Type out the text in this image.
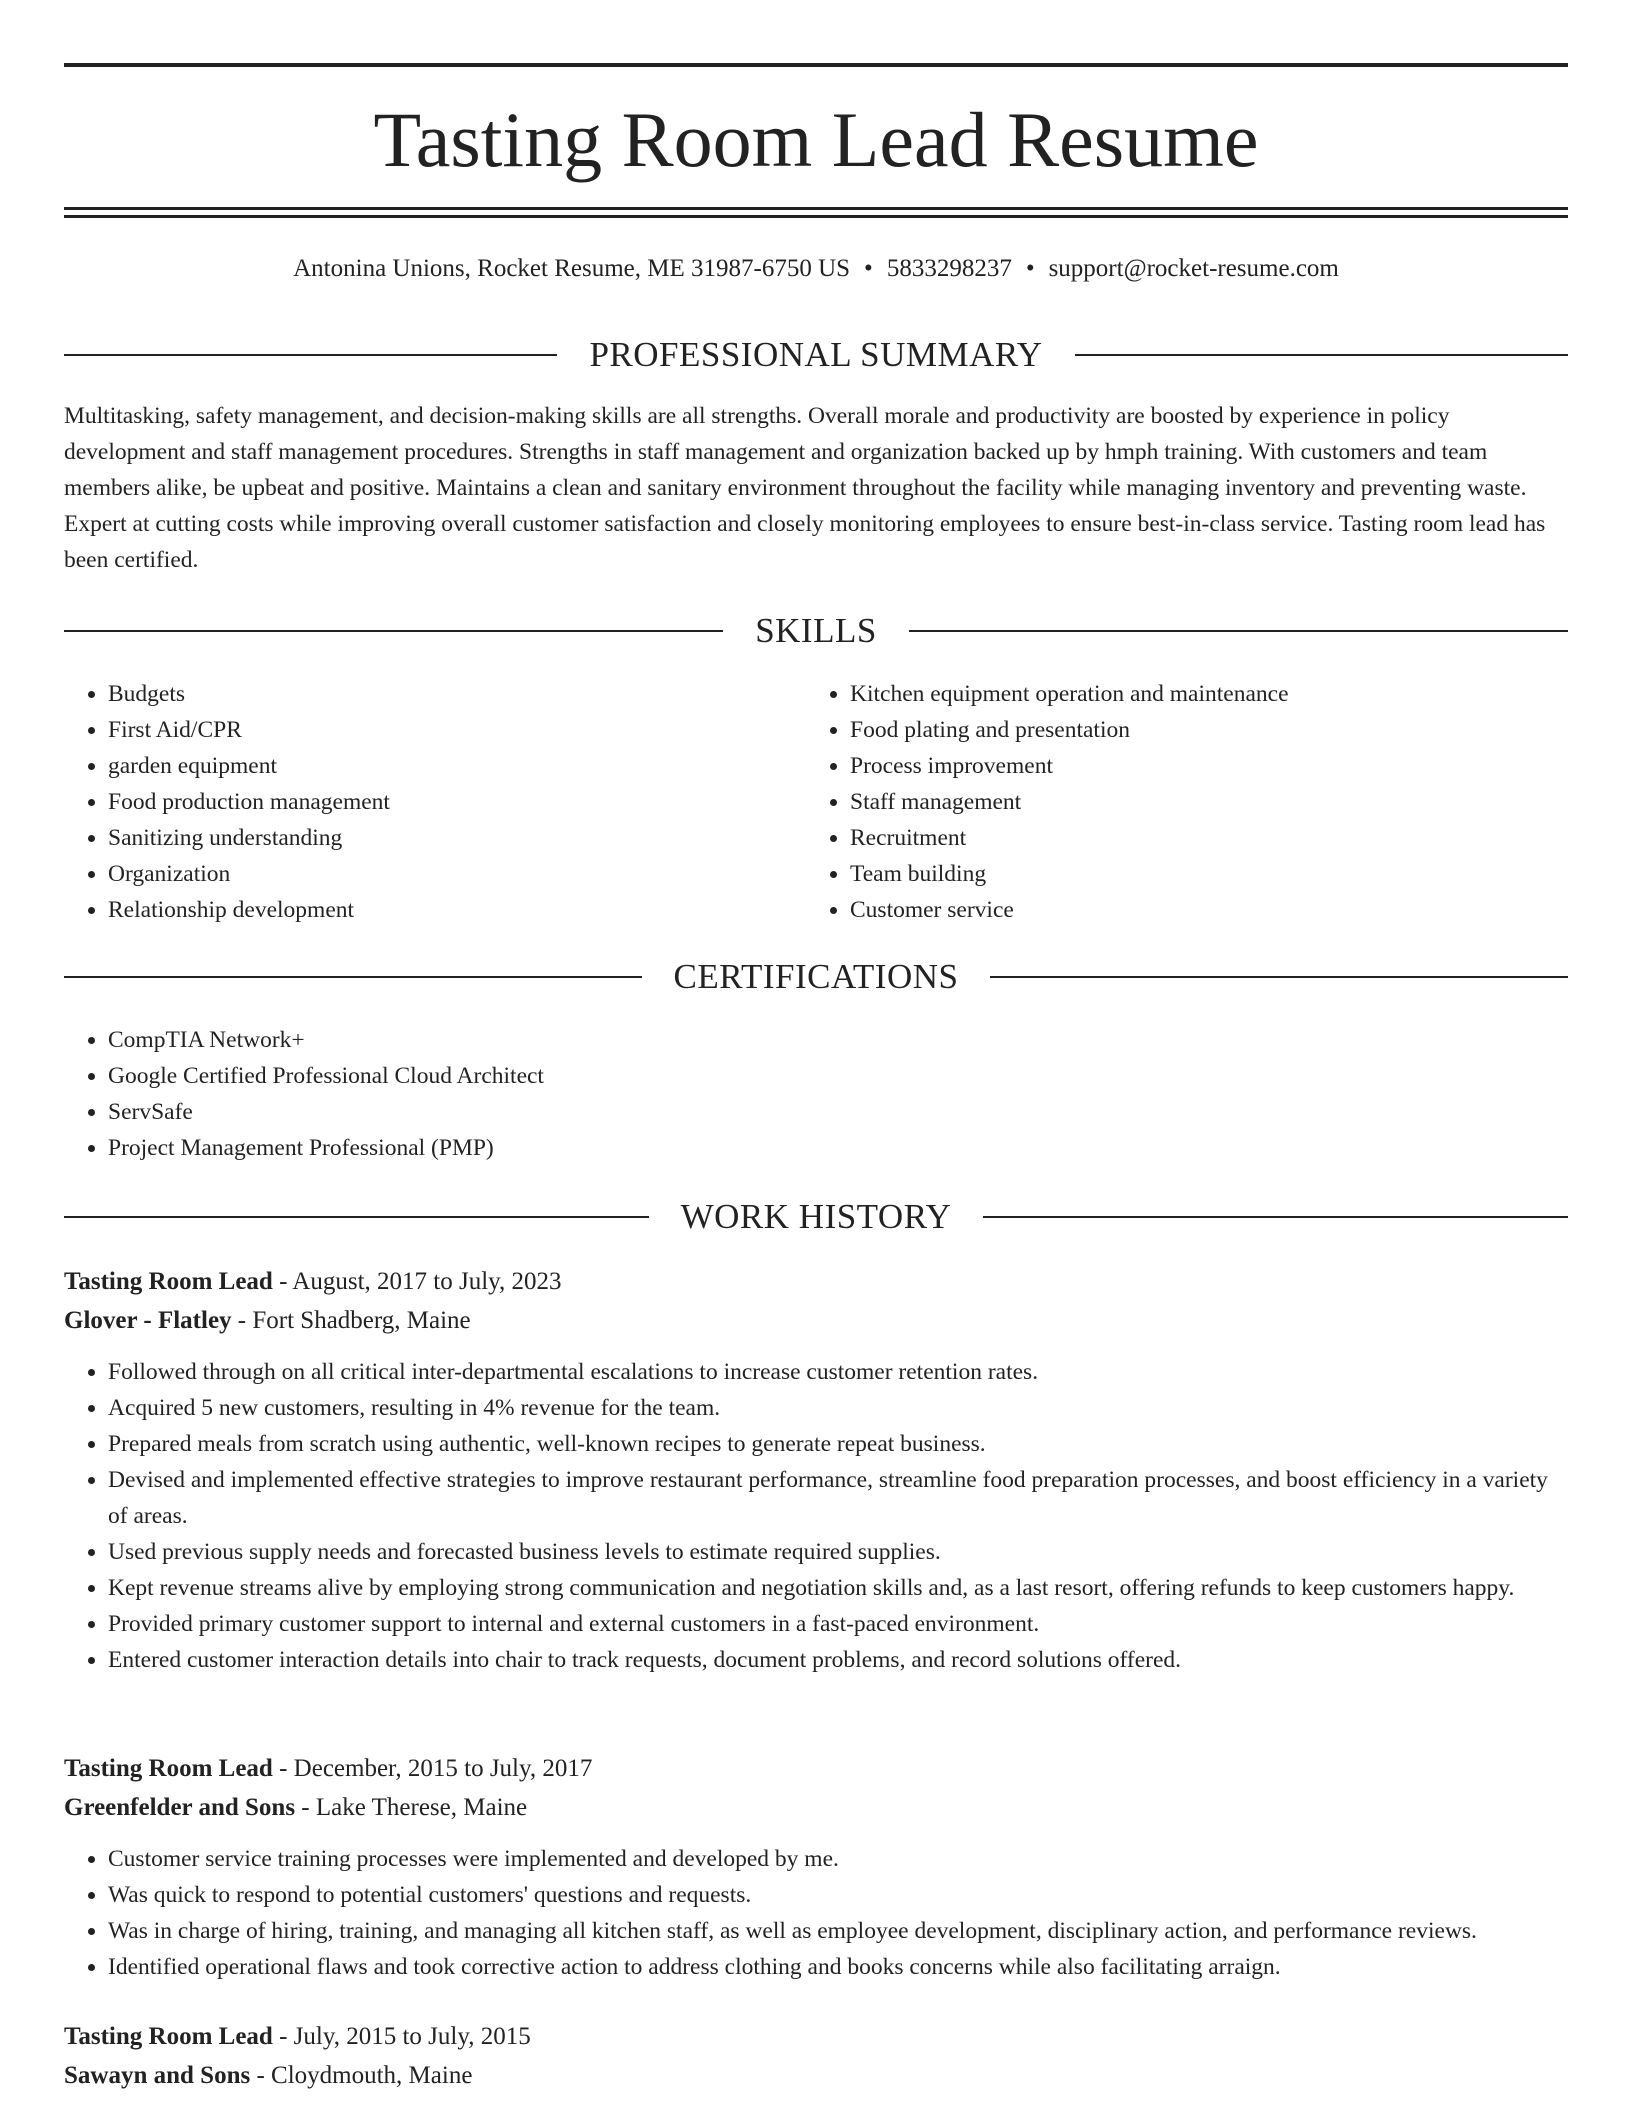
Tasting Room Lead Resume
Antonina Unions, Rocket Resume, ME 31987-6750 US • 5833298237 • support@rocket-resume.com
PROFESSIONAL SUMMARY

Multitasking, safety management, and decision-making skills are all strengths. Overall morale and productivity are boosted by experience in policy development and staff management procedures. Strengths in staff management and organization backed up by hmph training. With customers and team members alike, be upbeat and positive. Maintains a clean and sanitary environment throughout the facility while managing inventory and preventing waste. Expert at cutting costs while improving overall customer satisfaction and closely monitoring employees to ensure best-in-class service. Tasting room lead has been certified.

SKILLS
• Budgets
• First Aid/CPR
• garden equipment
• Food production management
• Sanitizing understanding
• Organization
• Relationship development
• Kitchen equipment operation and maintenance
• Food plating and presentation
• Process improvement
• Staff management
• Recruitment
• Team building
• Customer service
CERTIFICATIONS
• CompTIA Network+
• Google Certified Professional Cloud Architect
• ServSafe
• Project Management Professional (PMP)
WORK HISTORY
Tasting Room Lead - August, 2017 to July, 2023
Glover - Flatley - Fort Shadberg, Maine
• Followed through on all critical inter-departmental escalations to increase customer retention rates.
• Acquired 5 new customers, resulting in 4% revenue for the team.
• Prepared meals from scratch using authentic, well-known recipes to generate repeat business.
• Devised and implemented effective strategies to improve restaurant performance, streamline food preparation processes, and boost efficiency in a variety of areas.
• Used previous supply needs and forecasted business levels to estimate required supplies.
• Kept revenue streams alive by employing strong communication and negotiation skills and, as a last resort, offering refunds to keep customers happy.
• Provided primary customer support to internal and external customers in a fast-paced environment.
• Entered customer interaction details into chair to track requests, document problems, and record solutions offered.
Tasting Room Lead - December, 2015 to July, 2017
Greenfelder and Sons - Lake Therese, Maine
• Customer service training processes were implemented and developed by me.
• Was quick to respond to potential customers' questions and requests.
• Was in charge of hiring, training, and managing all kitchen staff, as well as employee development, disciplinary action, and performance reviews.
• Identified operational flaws and took corrective action to address clothing and books concerns while also facilitating arraign.
Tasting Room Lead - July, 2015 to July, 2015
Sawayn and Sons - Cloydmouth, Maine
